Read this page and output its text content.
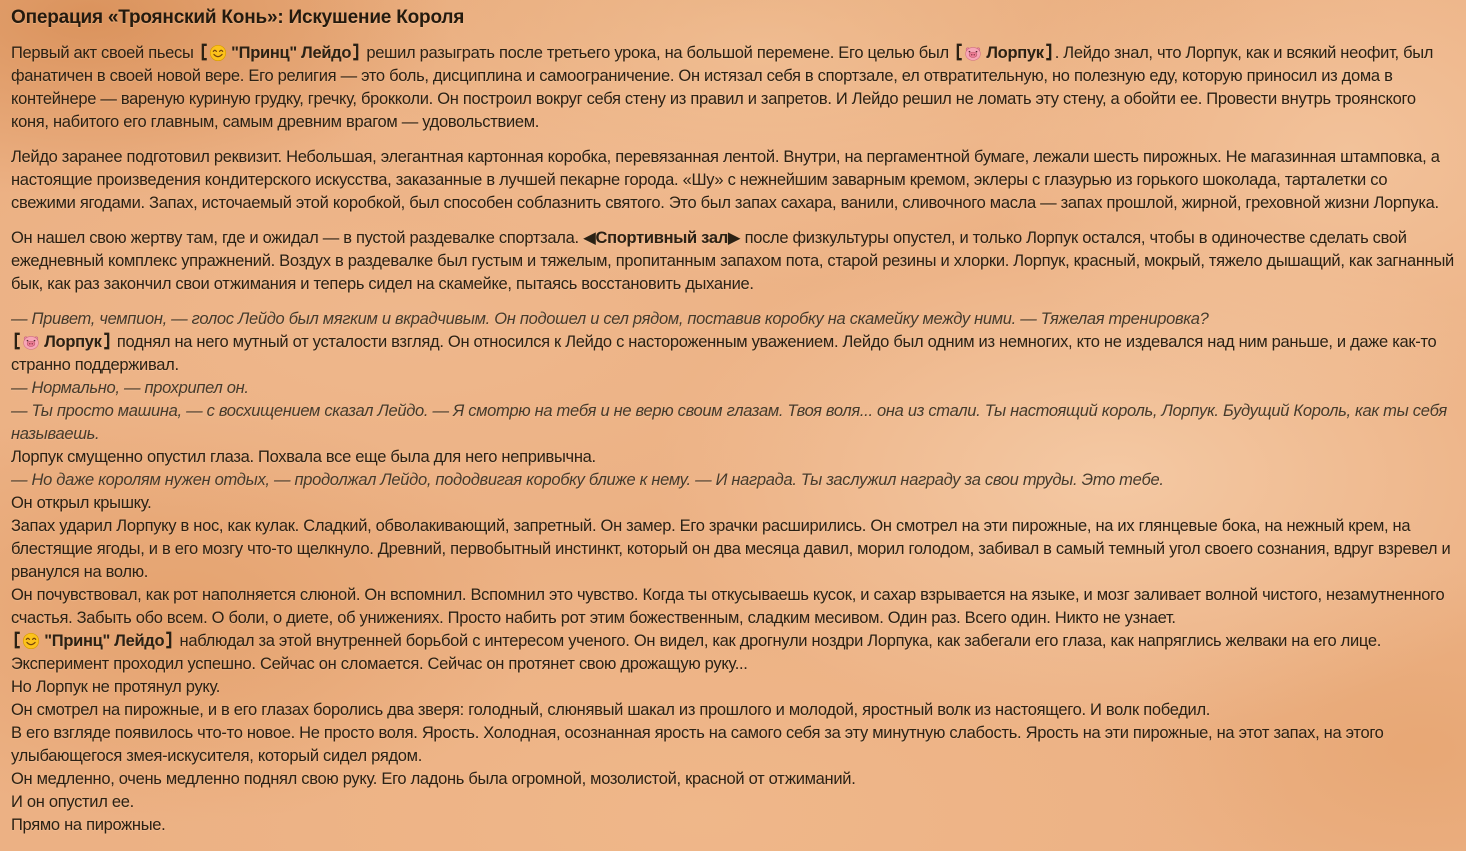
Операция «Троянский Конь»: Искушение Короля
Первый акт своей пьесы  "Принц" Лейдо решил разыграть после третьего урока, на большой перемене. Его целью был  Лорпук . Лейдо знал, что Лорпук, как и всякий неофит, был фанатичен в своей новой вере. Его религия — это боль, дисциплина и самоограничение. Он истязал себя в спортзале, ел отвратительную, но полезную еду, которую приносил из дома в контейнере — вареную куриную грудку, гречку, брокколи. Он построил вокруг себя стену из правил и запретов. И Лейдо решил не ломать эту стену, а обойти ее. Провести внутрь троянского коня, набитого его главным, самым древним врагом — удовольствием.
Лейдо заранее подготовил реквизит. Небольшая, элегантная картонная коробка, перевязанная лентой. Внутри, на пергаментной бумаге, лежали шесть пирожных. Не магазинная штамповка, а настоящие произведения кондитерского искусства, заказанные в лучшей пекарне города. «Шу» с нежнейшим заварным кремом, эклеры с глазурью из горького шоколада, тарталетки со свежими ягодами. Запах, источаемый этой коробкой, был способен соблазнить святого. Это был запах сахара, ванили, сливочного масла — запах прошлой, жирной, греховной жизни Лорпука.
Он нашел свою жертву там, где и ожидал — в пустой раздевалке спортзала. ◀Спортивный зал▶ после физкультуры опустел, и только Лорпук остался, чтобы в одиночестве сделать свой ежедневный комплекс упражнений. Воздух в раздевалке был густым и тяжелым, пропитанным запахом пота, старой резины и хлорки. Лорпук, красный, мокрый, тяжело дышащий, как загнанный бык, как раз закончил свои отжимания и теперь сидел на скамейке, пытаясь восстановить дыхание.
— Привет, чемпион, — голос Лейдо был мягким и вкрадчивым. Он подошел и сел рядом, поставив коробку на скамейку между ними. — Тяжелая тренировка?
Лорпук поднял на него мутный от усталости взгляд. Он относился к Лейдо с настороженным уважением. Лейдо был одним из немногих, кто не издевался над ним раньше, и даже как-то странно поддерживал.
— Нормально, — прохрипел он.
— Ты просто машина, — с восхищением сказал Лейдо. — Я смотрю на тебя и не верю своим глазам. Твоя воля... она из стали. Ты настоящий король, Лорпук. Будущий Король, как ты себя называешь.
Лорпук смущенно опустил глаза. Похвала все еще была для него непривычна.
— Но даже королям нужен отдых, — продолжал Лейдо, пододвигая коробку ближе к нему. — И награда. Ты заслужил награду за свои труды. Это тебе.
Он открыл крышку.
Запах ударил Лорпуку в нос, как кулак. Сладкий, обволакивающий, запретный. Он замер. Его зрачки расширились. Он смотрел на эти пирожные, на их глянцевые бока, на нежный крем, на блестящие ягоды, и в его мозгу что-то щелкнуло. Древний, первобытный инстинкт, который он два месяца давил, морил голодом, забивал в самый темный угол своего сознания, вдруг взревел и рванулся на волю.
Он почувствовал, как рот наполняется слюной. Он вспомнил. Вспомнил это чувство. Когда ты откусываешь кусок, и сахар взрывается на языке, и мозг заливает волной чистого, незамутненного счастья. Забыть обо всем. О боли, о диете, об унижениях. Просто набить рот этим божественным, сладким месивом. Один раз. Всего один. Никто не узнает.
"Принц" Лейдо наблюдал за этой внутренней борьбой с интересом ученого. Он видел, как дрогнули ноздри Лорпука, как забегали его глаза, как напряглись желваки на его лице. Эксперимент проходил успешно. Сейчас он сломается. Сейчас он протянет свою дрожащую руку...
Но Лорпук не протянул руку.
Он смотрел на пирожные, и в его глазах боролись два зверя: голодный, слюнявый шакал из прошлого и молодой, яростный волк из настоящего. И волк победил.
В его взгляде появилось что-то новое. Не просто воля. Ярость. Холодная, осознанная ярость на самого себя за эту минутную слабость. Ярость на эти пирожные, на этот запах, на этого улыбающегося змея-искусителя, который сидел рядом.
Он медленно, очень медленно поднял свою руку. Его ладонь была огромной, мозолистой, красной от отжиманий.
И он опустил ее.
Прямо на пирожные.
